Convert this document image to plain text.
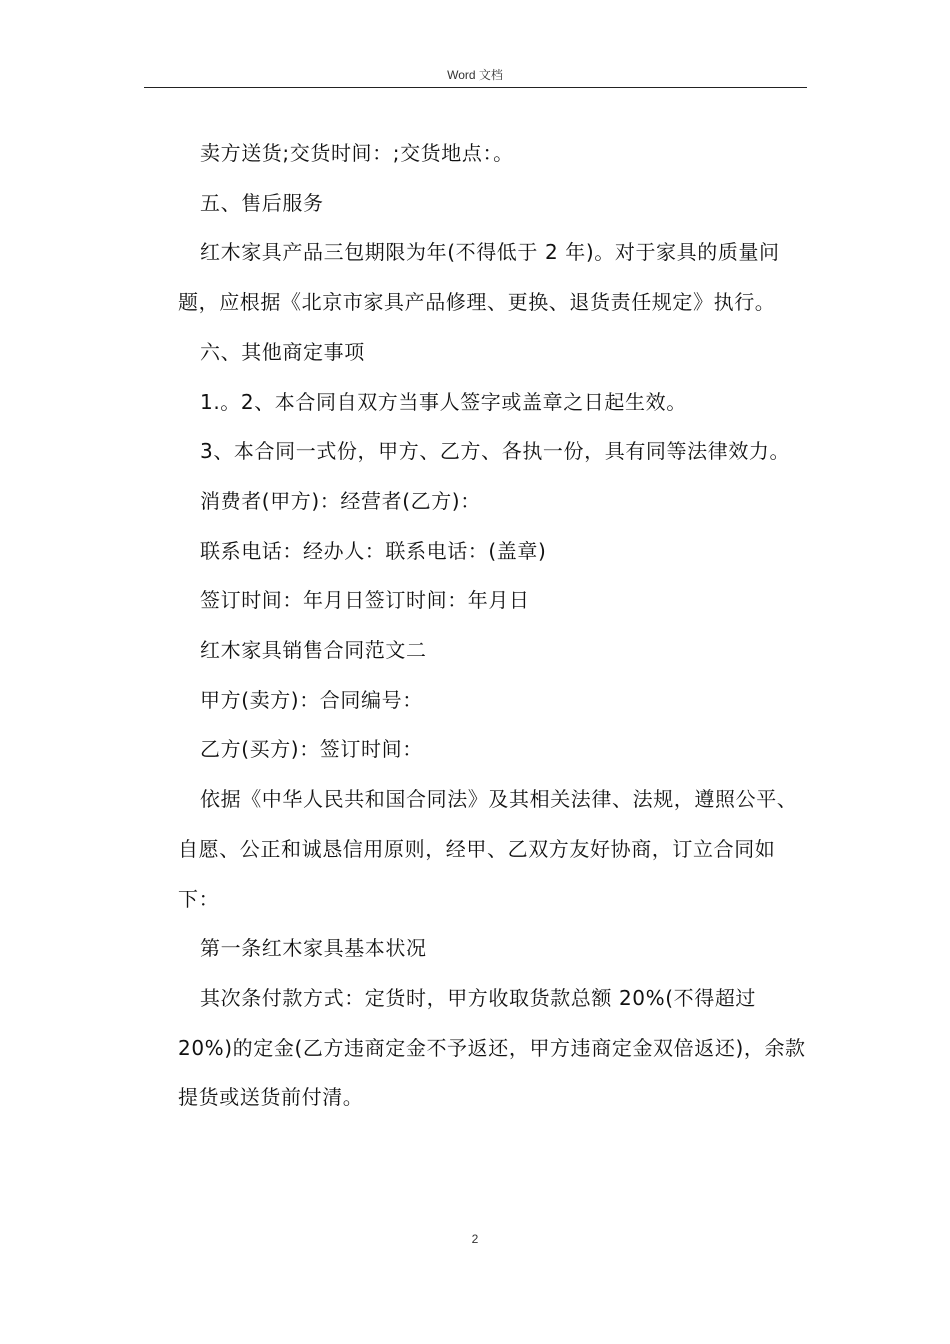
Word 文档

卖方送货;交货时间：;交货地点：。

五、售后服务

红木家具产品三包期限为年(不得低于 2 年)。对于家具的质量问题，应根据《北京市家具产品修理、更换、退货责任规定》执行。

六、其他商定事项

1.。2、本合同自双方当事人签字或盖章之日起生效。

3、本合同一式份，甲方、乙方、各执一份，具有同等法律效力。

消费者(甲方)：经营者(乙方)：

联系电话：经办人：联系电话：(盖章)

签订时间：年月日签订时间：年月日

红木家具销售合同范文二

甲方(卖方)：合同编号：

乙方(买方)：签订时间：

依据《中华人民共和国合同法》及其相关法律、法规，遵照公平、自愿、公正和诚恳信用原则，经甲、乙双方友好协商，订立合同如下：

第一条红木家具基本状况

其次条付款方式：定货时，甲方收取货款总额 20%(不得超过 20%)的定金(乙方违商定金不予返还，甲方违商定金双倍返还)，余款提货或送货前付清。

2
